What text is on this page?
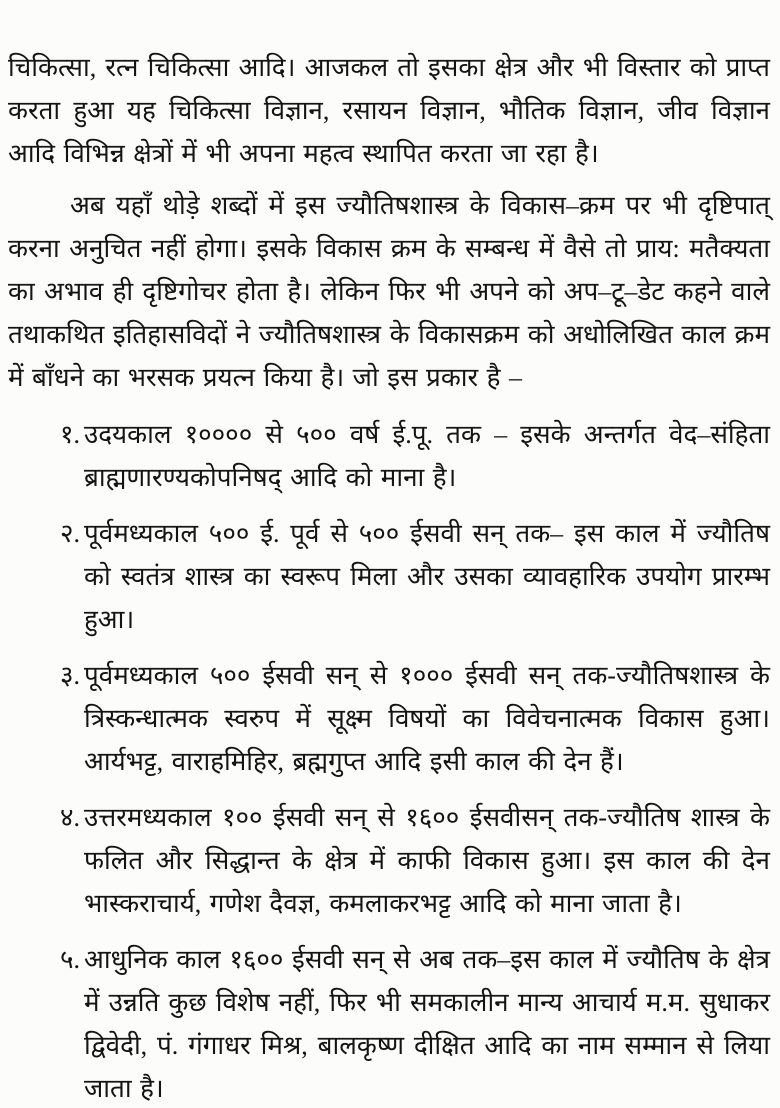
चिकित्सा, रत्न चिकित्सा आदि। आजकल तो इसका क्षेत्र और भी विस्तार को प्राप्त करता हुआ यह चिकित्सा विज्ञान, रसायन विज्ञान, भौतिक विज्ञान, जीव विज्ञान आदि विभिन्न क्षेत्रों में भी अपना महत्व स्थापित करता जा रहा है।

अब यहाँ थोड़े शब्दों में इस ज्यौतिषशास्त्र के विकास–क्रम पर भी दृष्टिपात् करना अनुचित नहीं होगा। इसके विकास क्रम के सम्बन्ध में वैसे तो प्राय: मतैक्यता का अभाव ही दृष्टिगोचर होता है। लेकिन फिर भी अपने को अप–टू–डेट कहने वाले तथाकथित इतिहासविदों ने ज्यौतिषशास्त्र के विकासक्रम को अधोलिखित काल क्रम में बाँधने का भरसक प्रयत्न किया है। जो इस प्रकार है –

१. उदयकाल १०००० से ५०० वर्ष ई.पू. तक – इसके अन्तर्गत वेद–संहिता ब्राह्मणारण्यकोपनिषद् आदि को माना है।
२. पूर्वमध्यकाल ५०० ई. पूर्व से ५०० ईसवी सन् तक– इस काल में ज्यौतिष को स्वतंत्र शास्त्र का स्वरूप मिला और उसका व्यावहारिक उपयोग प्रारम्भ हुआ।
३. पूर्वमध्यकाल ५०० ईसवी सन् से १००० ईसवी सन् तक-ज्यौतिषशास्त्र के त्रिस्कन्धात्मक स्वरुप में सूक्ष्म विषयों का विवेचनात्मक विकास हुआ। आर्यभट्ट, वाराहमिहिर, ब्रह्मगुप्त आदि इसी काल की देन हैं।
४. उत्तरमध्यकाल १०० ईसवी सन् से १६०० ईसवीसन् तक-ज्यौतिष शास्त्र के फलित और सिद्धान्त के क्षेत्र में काफी विकास हुआ। इस काल की देन भास्कराचार्य, गणेश दैवज्ञ, कमलाकरभट्ट आदि को माना जाता है।
५. आधुनिक काल १६०० ईसवी सन् से अब तक–इस काल में ज्यौतिष के क्षेत्र में उन्नति कुछ विशेष नहीं, फिर भी समकालीन मान्य आचार्य म.म. सुधाकर द्विवेदी, पं. गंगाधर मिश्र, बालकृष्ण दीक्षित आदि का नाम सम्मान से लिया जाता है।
